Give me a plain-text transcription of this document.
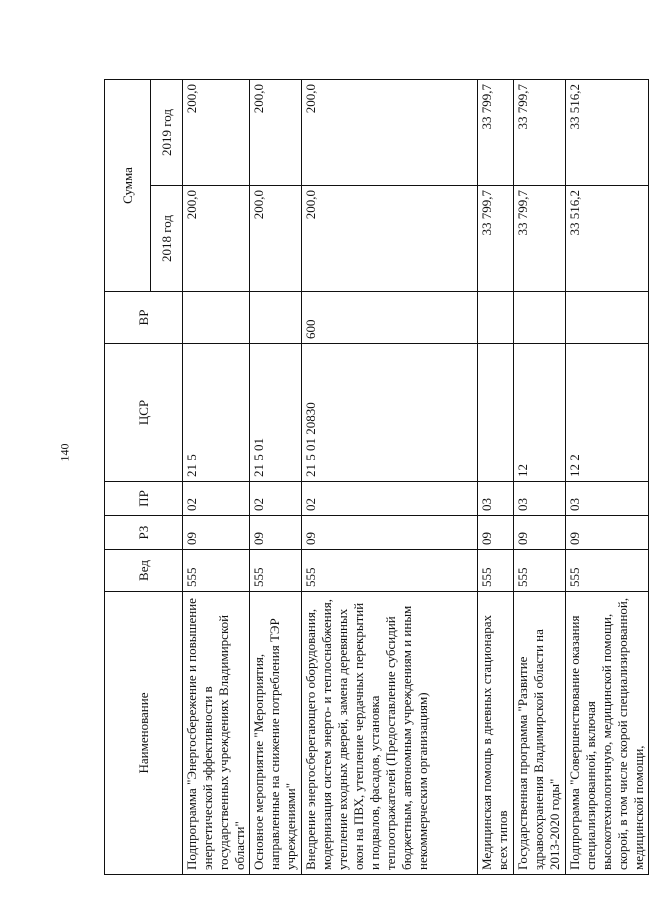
140
Наименование	Вед	РЗ	ПР	ЦСР	ВР	Сумма	
						2018 год	2019 год
Подпрограмма "Энергосбережение и повышение энергетической эффективности в государственных учреждениях Владимирской области"	555	09	02	21 5		200,0	200,0
Основное мероприятие "Мероприятия, направленные на снижение потребления ТЭР учреждениями"	555	09	02	21 5 01		200,0	200,0
Внедрение энергосберегающего оборудования, модернизация систем энерго- и теплоснабжения, утепление входных дверей, замена деревянных окон на ПВХ, утепление чердачных перекрытий и подвалов, фасадов, установка теплоотражателей (Предоставление субсидий бюджетным, автономным учреждениям и иным некоммерческим организациям)	555	09	02	21 5 01 20830	600	200,0	200,0
Медицинская помощь в дневных стационарах всех типов	555	09	03			33 799,7	33 799,7
Государственная программа "Развитие здравоохранения Владимирской области на 2013-2020 годы"	555	09	03	12		33 799,7	33 799,7
Подпрограмма "Совершенствование оказания специализированной, включая высокотехнологичную, медицинской помощи, скорой, в том числе скорой специализированной, медицинской помощи,	555	09	03	12 2		33 516,2	33 516,2
